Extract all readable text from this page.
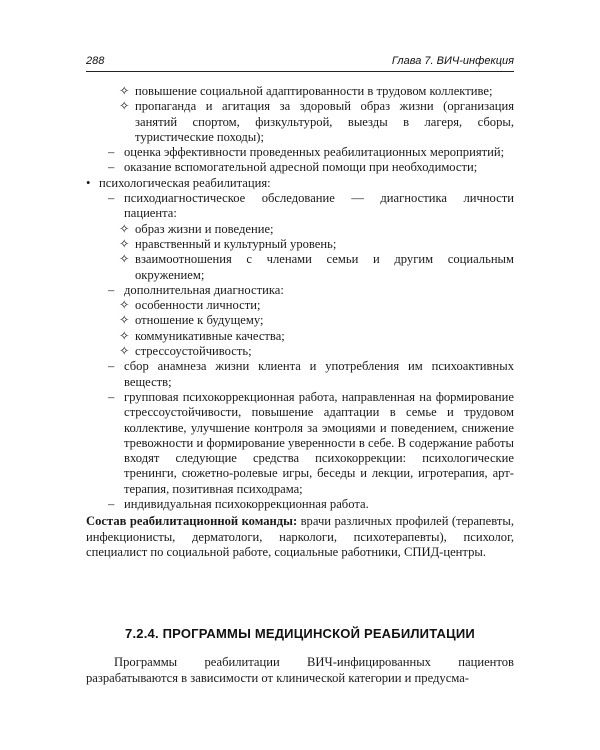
288	Глава 7. ВИЧ-инфекция
✧ повышение социальной адаптированности в трудовом коллективе;
✧ пропаганда и агитация за здоровый образ жизни (организация занятий спортом, физкультурой, выезды в лагеря, сборы, туристические походы);
– оценка эффективности проведенных реабилитационных мероприятий;
– оказание вспомогательной адресной помощи при необходимости;
• психологическая реабилитация:
– психодиагностическое обследование — диагностика личности пациента:
✧ образ жизни и поведение;
✧ нравственный и культурный уровень;
✧ взаимоотношения с членами семьи и другим социальным окружением;
– дополнительная диагностика:
✧ особенности личности;
✧ отношение к будущему;
✧ коммуникативные качества;
✧ стрессоустойчивость;
– сбор анамнеза жизни клиента и употребления им психоактивных веществ;
– групповая психокоррекционная работа, направленная на формирование стрессоустойчивости, повышение адаптации в семье и трудовом коллективе, улучшение контроля за эмоциями и поведением, снижение тревожности и формирование уверенности в себе. В содержание работы входят следующие средства психокоррекции: психологические тренинги, сюжетно-ролевые игры, беседы и лекции, игротерапия, арт-терапия, позитивная психодрама;
– индивидуальная психокоррекционная работа.
Состав реабилитационной команды: врачи различных профилей (терапевты, инфекционисты, дерматологи, наркологи, психотерапевты), психолог, специалист по социальной работе, социальные работники, СПИД-центры.
7.2.4. ПРОГРАММЫ МЕДИЦИНСКОЙ РЕАБИЛИТАЦИИ
Программы реабилитации ВИЧ-инфицированных пациентов разрабатываются в зависимости от клинической категории и предусма-
